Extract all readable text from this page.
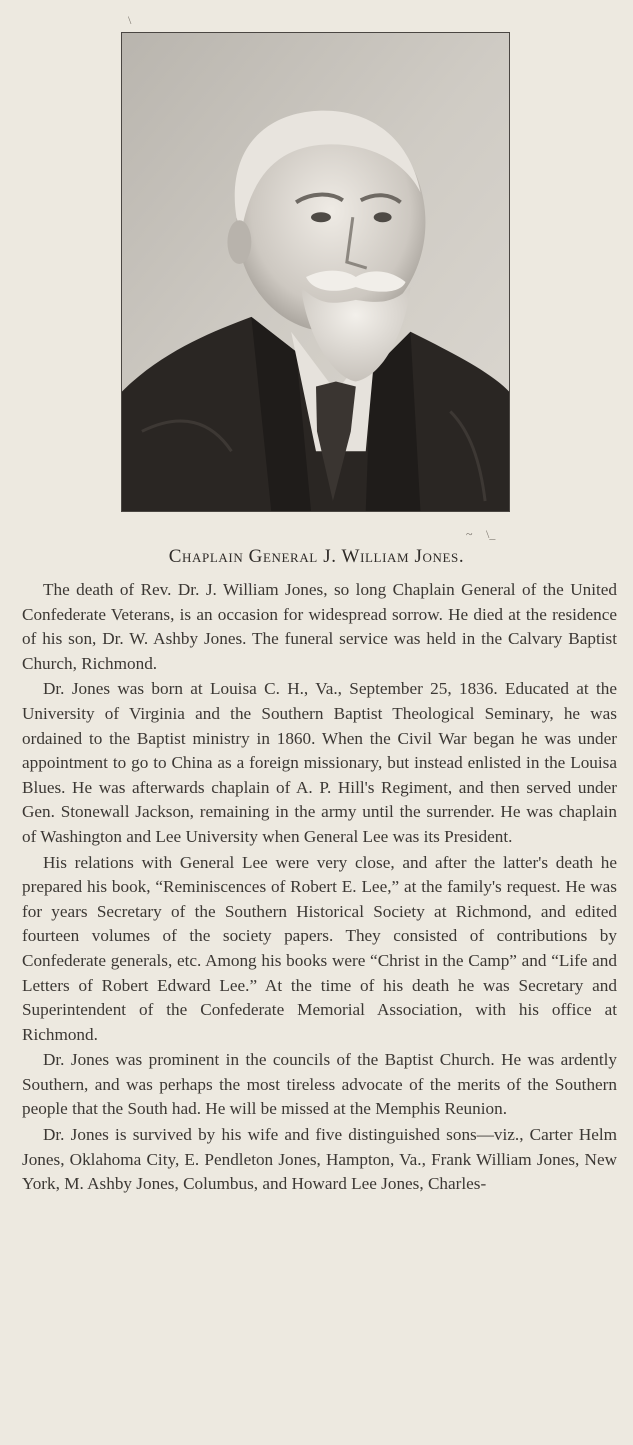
\
~ \_
Chaplain General J. William Jones.

The death of Rev. Dr. J. William Jones, so long Chaplain General of the United Confederate Veterans, is an occasion for widespread sorrow. He died at the residence of his son, Dr. W. Ashby Jones. The funeral service was held in the Calvary Baptist Church, Richmond.

Dr. Jones was born at Louisa C. H., Va., September 25, 1836. Educated at the University of Virginia and the Southern Baptist Theological Seminary, he was ordained to the Baptist ministry in 1860. When the Civil War began he was under appointment to go to China as a foreign missionary, but instead enlisted in the Louisa Blues. He was afterwards chaplain of A. P. Hill's Regiment, and then served under Gen. Stonewall Jackson, remaining in the army until the surrender. He was chaplain of Washington and Lee University when General Lee was its President.

His relations with General Lee were very close, and after the latter's death he prepared his book, “Reminiscences of Robert E. Lee,” at the family's request. He was for years Secretary of the Southern Historical Society at Richmond, and edited fourteen volumes of the society papers. They consisted of contributions by Confederate generals, etc. Among his books were “Christ in the Camp” and “Life and Letters of Robert Edward Lee.” At the time of his death he was Secretary and Superintendent of the Confederate Memorial Association, with his office at Richmond.

Dr. Jones was prominent in the councils of the Baptist Church. He was ardently Southern, and was perhaps the most tireless advocate of the merits of the Southern people that the South had. He will be missed at the Memphis Reunion.

Dr. Jones is survived by his wife and five distinguished sons—viz., Carter Helm Jones, Oklahoma City, E. Pendleton Jones, Hampton, Va., Frank William Jones, New York, M. Ashby Jones, Columbus, and Howard Lee Jones, Charles-
